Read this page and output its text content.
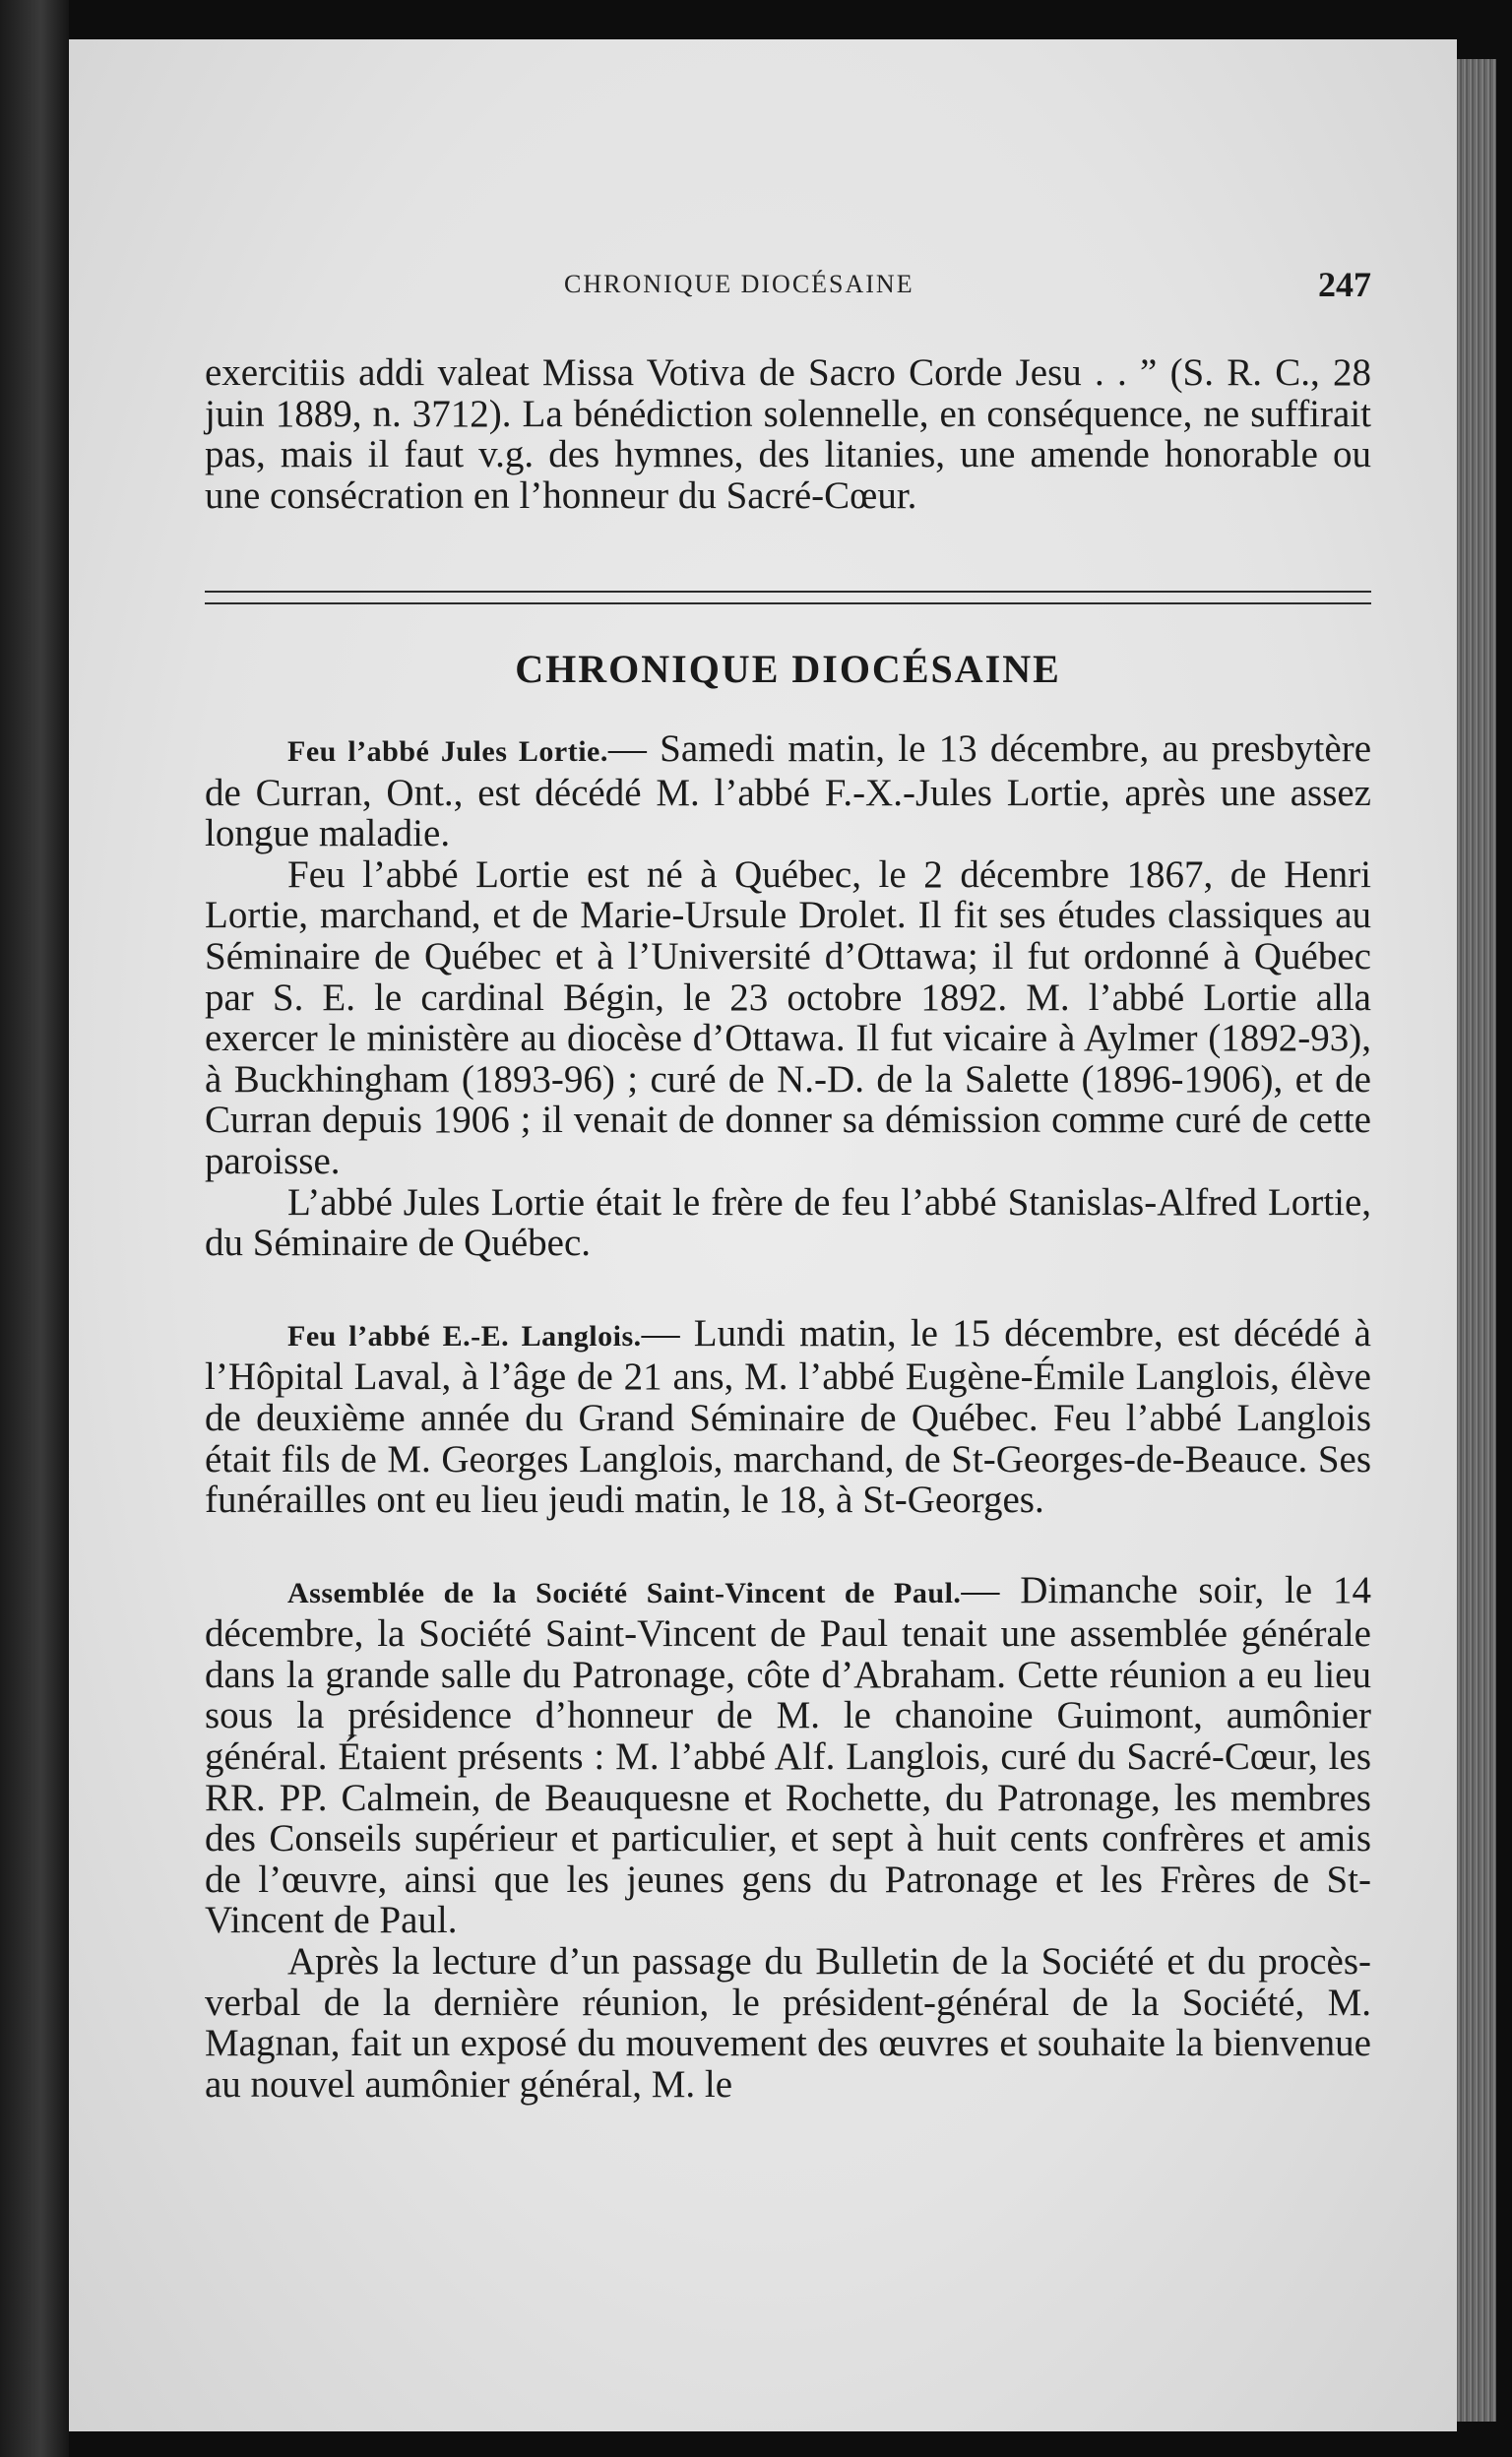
CHRONIQUE DIOCÉSAINE	247

exercitiis addi valeat Missa Votiva de Sacro Corde Jesu . . ” (S. R. C., 28 juin 1889, n. 3712). La bénédiction solennelle, en conséquence, ne suffirait pas, mais il faut v.g. des hymnes, des litanies, une amende honorable ou une consécration en l’honneur du Sacré-Cœur.

CHRONIQUE DIOCÉSAINE

Feu l’abbé Jules Lortie.— Samedi matin, le 13 décembre, au presbytère de Curran, Ont., est décédé M. l’abbé F.-X.-Jules Lortie, après une assez longue maladie.

Feu l’abbé Lortie est né à Québec, le 2 décembre 1867, de Henri Lortie, marchand, et de Marie-Ursule Drolet. Il fit ses études classiques au Séminaire de Québec et à l’Université d’Ottawa; il fut ordonné à Québec par S. E. le cardinal Bégin, le 23 octobre 1892. M. l’abbé Lortie alla exercer le ministère au diocèse d’Ottawa. Il fut vicaire à Aylmer (1892-93), à Buckhingham (1893-96) ; curé de N.-D. de la Salette (1896-1906), et de Curran depuis 1906 ; il venait de donner sa démission comme curé de cette paroisse.

L’abbé Jules Lortie était le frère de feu l’abbé Stanislas-Alfred Lortie, du Séminaire de Québec.

Feu l’abbé E.-E. Langlois.— Lundi matin, le 15 décembre, est décédé à l’Hôpital Laval, à l’âge de 21 ans, M. l’abbé Eugène-Émile Langlois, élève de deuxième année du Grand Séminaire de Québec. Feu l’abbé Langlois était fils de M. Georges Langlois, marchand, de St-Georges-de-Beauce. Ses funérailles ont eu lieu jeudi matin, le 18, à St-Georges.

Assemblée de la Société Saint-Vincent de Paul.— Dimanche soir, le 14 décembre, la Société Saint-Vincent de Paul tenait une assemblée générale dans la grande salle du Patronage, côte d’Abraham. Cette réunion a eu lieu sous la présidence d’honneur de M. le chanoine Guimont, aumônier général. Étaient présents : M. l’abbé Alf. Langlois, curé du Sacré-Cœur, les RR. PP. Calmein, de Beauquesne et Rochette, du Patronage, les membres des Conseils supérieur et particulier, et sept à huit cents confrères et amis de l’œuvre, ainsi que les jeunes gens du Patronage et les Frères de St-Vincent de Paul.

Après la lecture d’un passage du Bulletin de la Société et du procès-verbal de la dernière réunion, le président-général de la Société, M. Magnan, fait un exposé du mouvement des œuvres et souhaite la bienvenue au nouvel aumônier général, M. le
